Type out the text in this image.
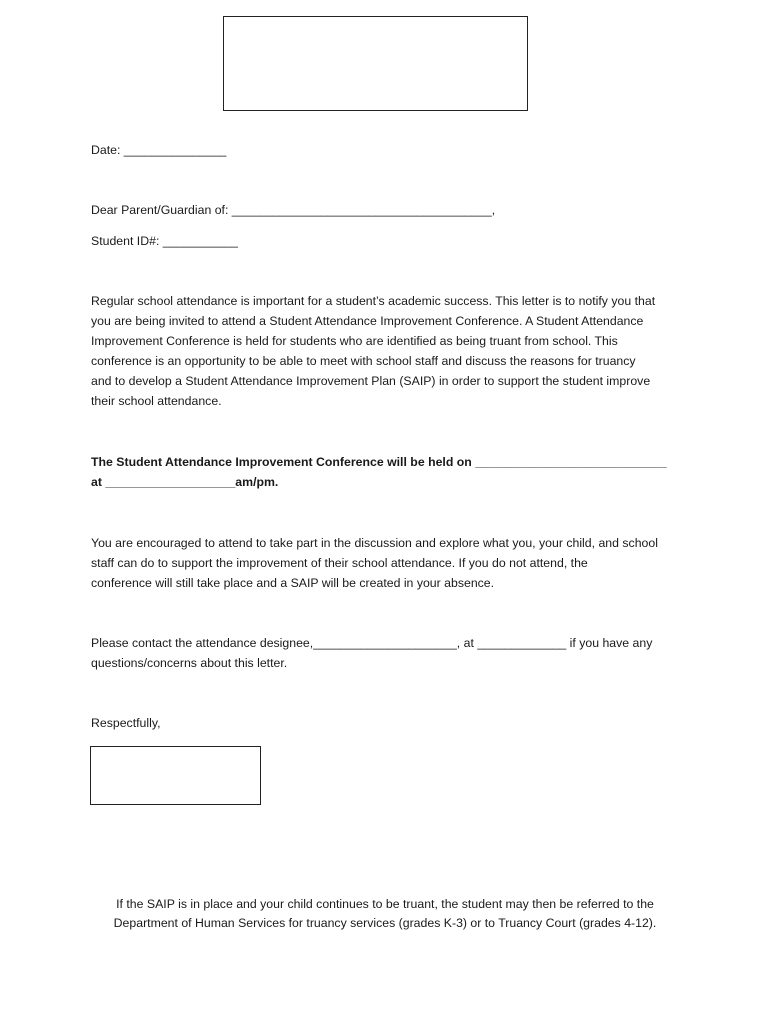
Date: _______________
Dear Parent/Guardian of: ______________________________________,
Student ID#: ___________

Regular school attendance is important for a student’s academic success. This letter is to notify you that

you are being invited to attend a Student Attendance Improvement Conference. A Student Attendance

Improvement Conference is held for students who are identified as being truant from school. This

conference is an opportunity to be able to meet with school staff and discuss the reasons for truancy

and to develop a Student Attendance Improvement Plan (SAIP) in order to support the student improve

their school attendance.

The Student Attendance Improvement Conference will be held on ____________________________

at ___________________am/pm.

You are encouraged to attend to take part in the discussion and explore what you, your child, and school

staff can do to support the improvement of their school attendance. If you do not attend, the

conference will still take place and a SAIP will be created in your absence.

Please contact the attendance designee,_____________________, at _____________ if you have any

questions/concerns about this letter.

Respectfully,

If the SAIP is in place and your child continues to be truant, the student may then be referred to the

Department of Human Services for truancy services (grades K-3) or to Truancy Court (grades 4-12).
